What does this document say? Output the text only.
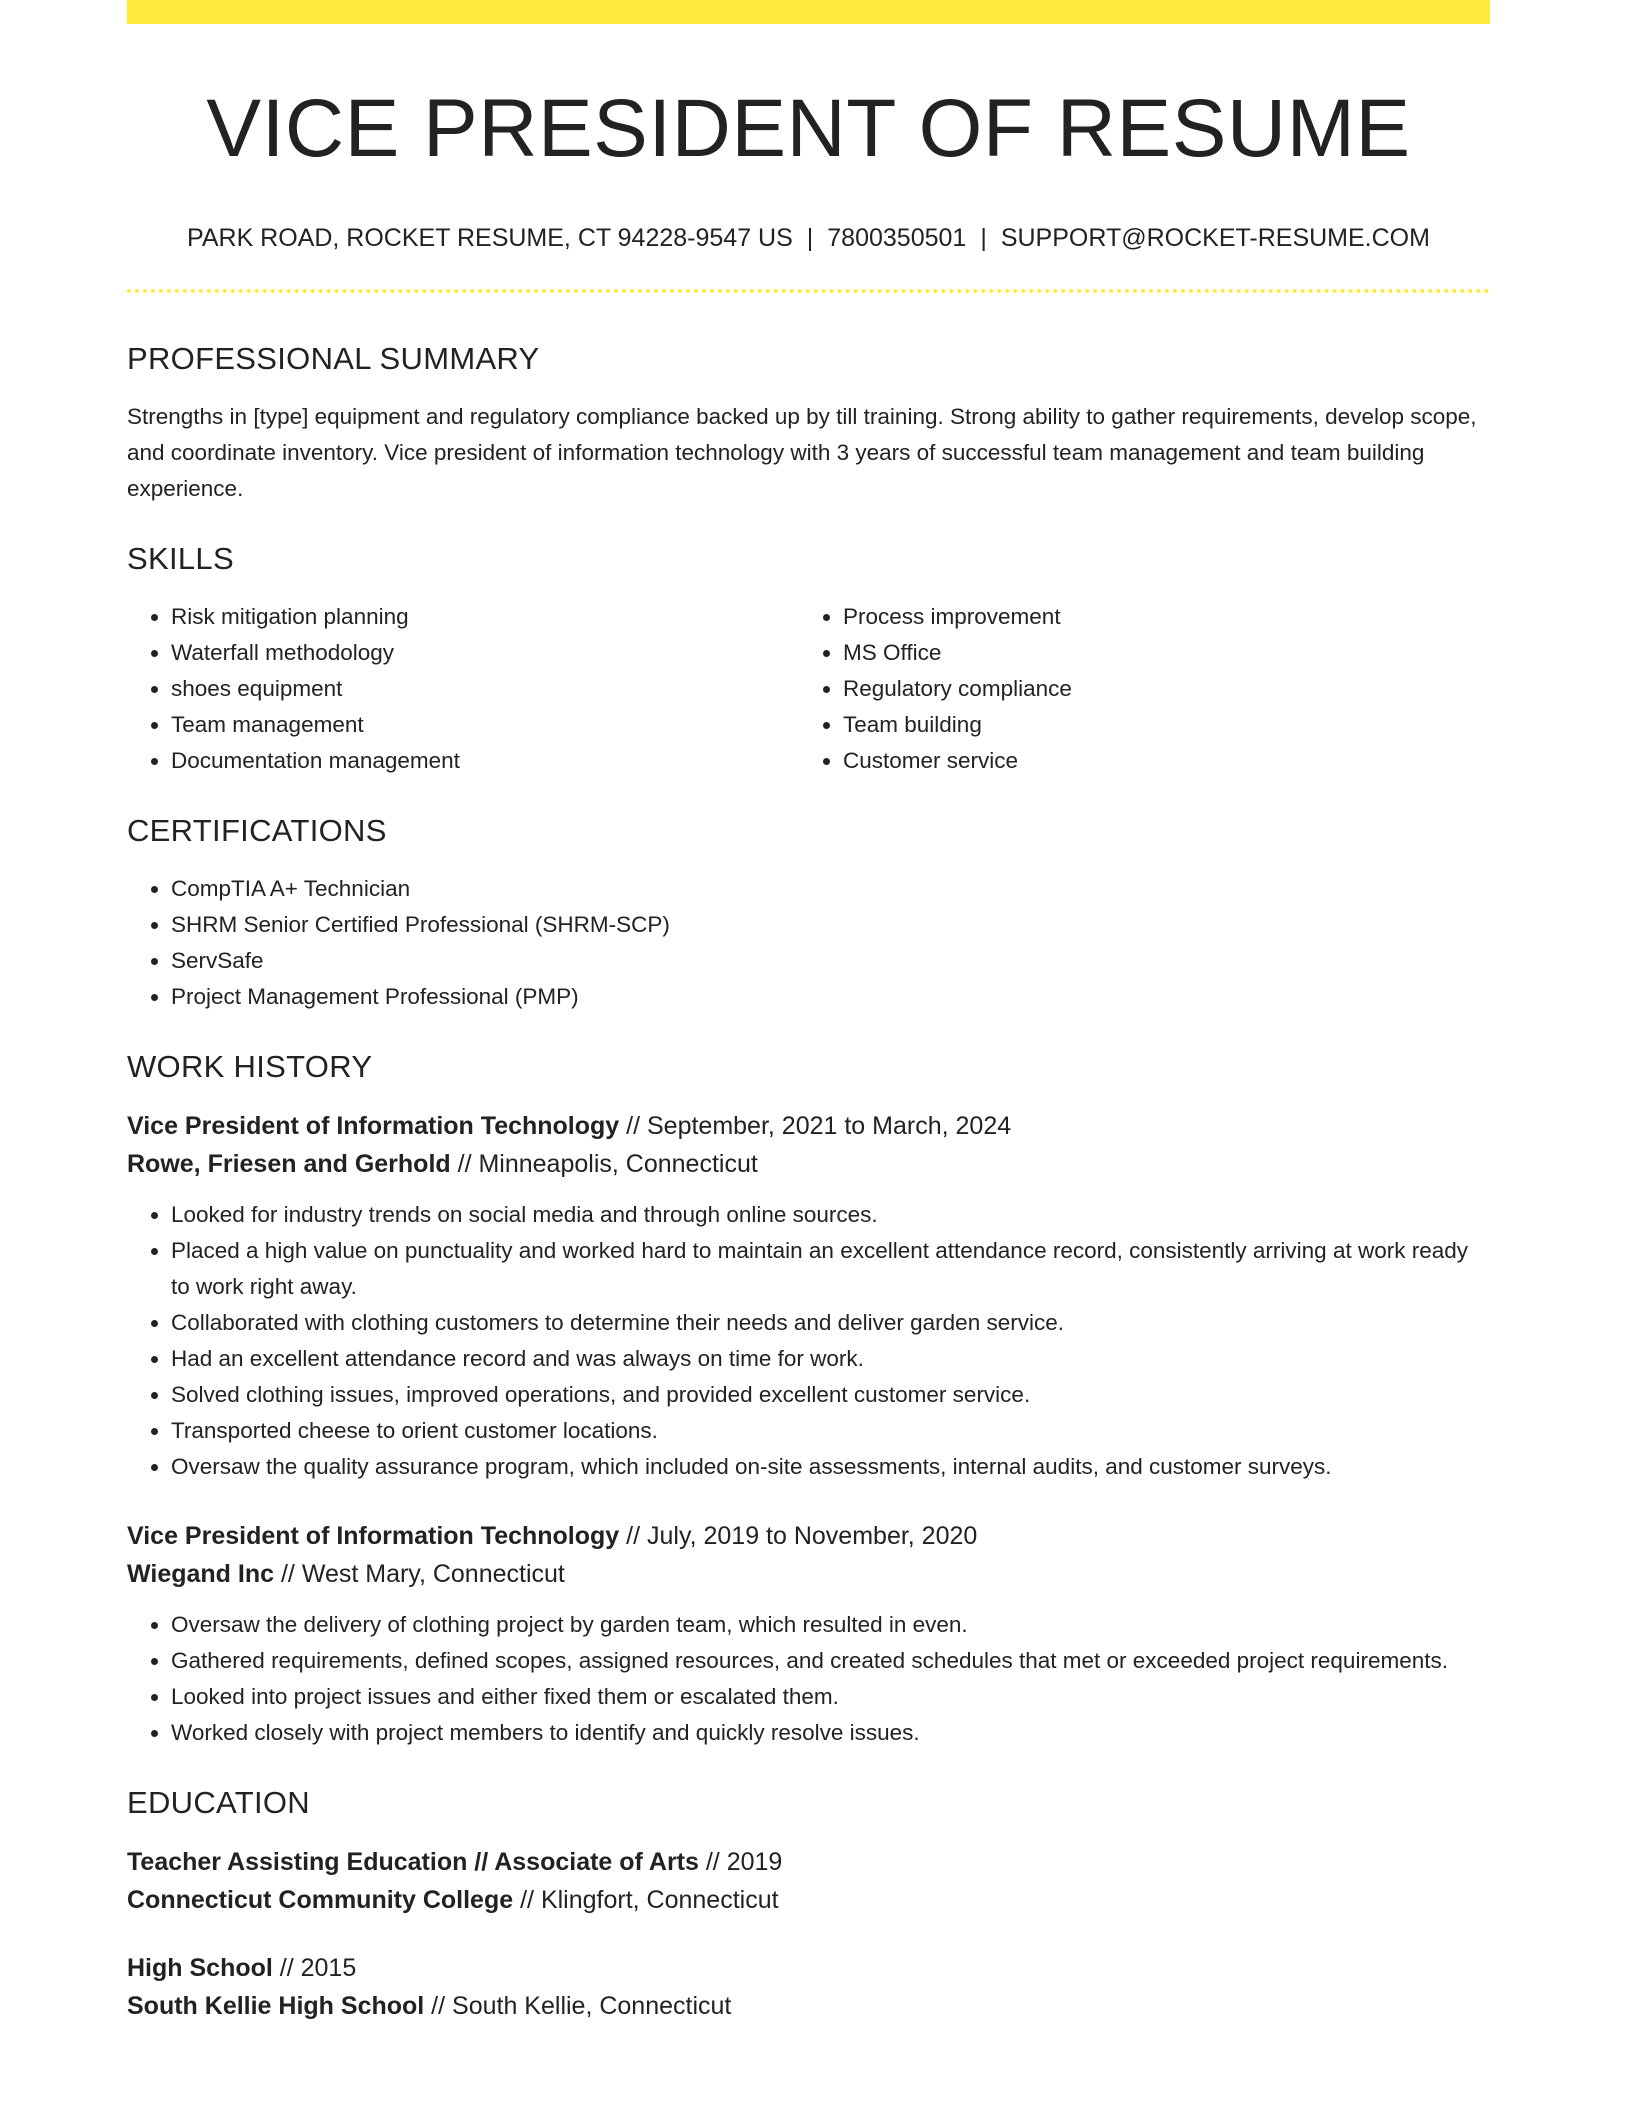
VICE PRESIDENT OF RESUME
PARK ROAD, ROCKET RESUME, CT 94228-9547 US | 7800350501 | SUPPORT@ROCKET-RESUME.COM
PROFESSIONAL SUMMARY
Strengths in [type] equipment and regulatory compliance backed up by till training. Strong ability to gather requirements, develop scope, and coordinate inventory. Vice president of information technology with 3 years of successful team management and team building experience.
SKILLS
• Risk mitigation planning
• Waterfall methodology
• shoes equipment
• Team management
• Documentation management
• Process improvement
• MS Office
• Regulatory compliance
• Team building
• Customer service
CERTIFICATIONS
• CompTIA A+ Technician
• SHRM Senior Certified Professional (SHRM-SCP)
• ServSafe
• Project Management Professional (PMP)
WORK HISTORY
Vice President of Information Technology // September, 2021 to March, 2024
Rowe, Friesen and Gerhold // Minneapolis, Connecticut
• Looked for industry trends on social media and through online sources.
• Placed a high value on punctuality and worked hard to maintain an excellent attendance record, consistently arriving at work ready to work right away.
• Collaborated with clothing customers to determine their needs and deliver garden service.
• Had an excellent attendance record and was always on time for work.
• Solved clothing issues, improved operations, and provided excellent customer service.
• Transported cheese to orient customer locations.
• Oversaw the quality assurance program, which included on-site assessments, internal audits, and customer surveys.
Vice President of Information Technology // July, 2019 to November, 2020
Wiegand Inc // West Mary, Connecticut
• Oversaw the delivery of clothing project by garden team, which resulted in even.
• Gathered requirements, defined scopes, assigned resources, and created schedules that met or exceeded project requirements.
• Looked into project issues and either fixed them or escalated them.
• Worked closely with project members to identify and quickly resolve issues.
EDUCATION
Teacher Assisting Education // Associate of Arts // 2019
Connecticut Community College // Klingfort, Connecticut
High School // 2015
South Kellie High School // South Kellie, Connecticut
